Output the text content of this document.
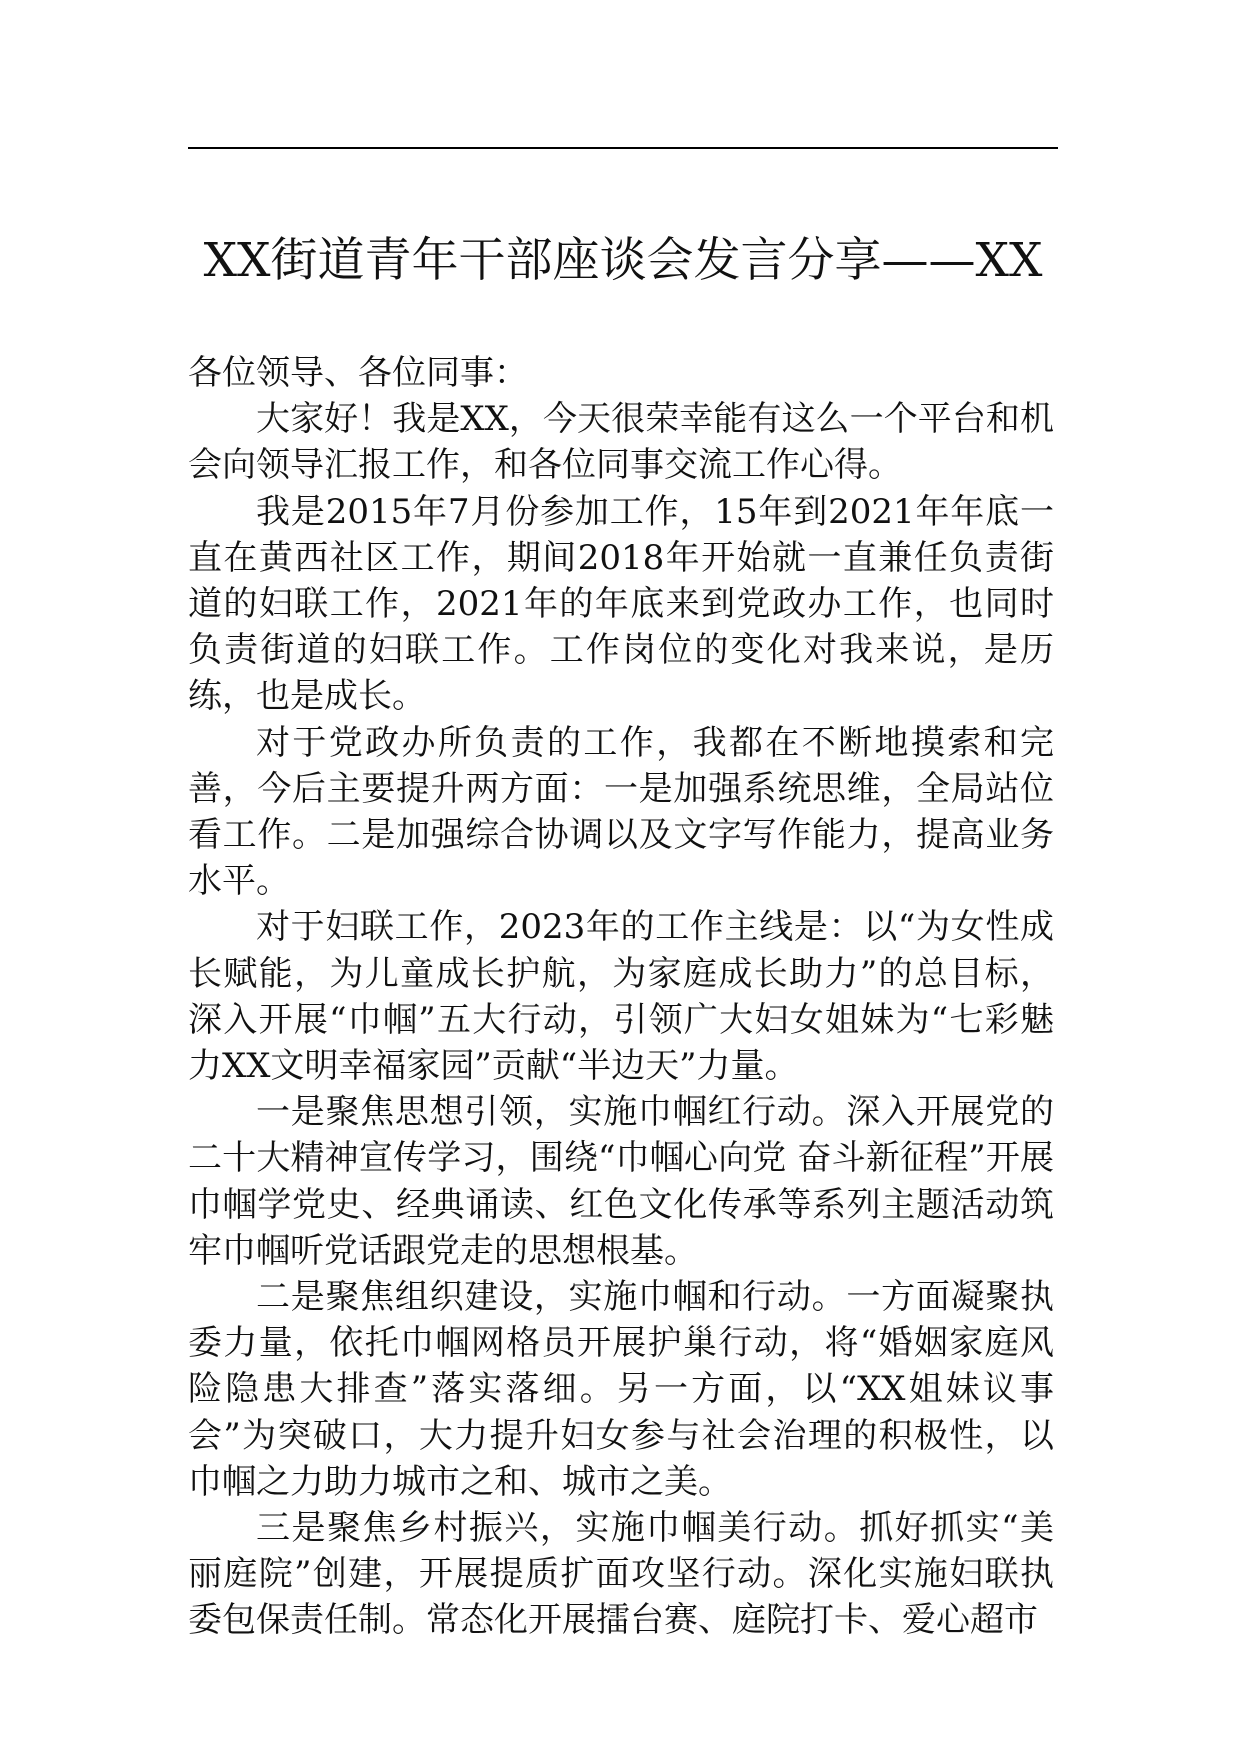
XX街道青年干部座谈会发言分享——XX

各位领导、各位同事：

大家好！我是XX，今天很荣幸能有这么一个平台和机会向领导汇报工作，和各位同事交流工作心得。

我是2015年7月份参加工作，15年到2021年年底一直在黄西社区工作，期间2018年开始就一直兼任负责街道的妇联工作，2021年的年底来到党政办工作，也同时负责街道的妇联工作。工作岗位的变化对我来说，是历练，也是成长。

对于党政办所负责的工作，我都在不断地摸索和完善，今后主要提升两方面：一是加强系统思维，全局站位看工作。二是加强综合协调以及文字写作能力，提高业务水平。

对于妇联工作，2023年的工作主线是：以“为女性成长赋能，为儿童成长护航，为家庭成长助力”的总目标，深入开展“巾帼”五大行动，引领广大妇女姐妹为“七彩魅力XX文明幸福家园”贡献“半边天”力量。

一是聚焦思想引领，实施巾帼红行动。深入开展党的二十大精神宣传学习，围绕“巾帼心向党 奋斗新征程”开展巾帼学党史、经典诵读、红色文化传承等系列主题活动筑牢巾帼听党话跟党走的思想根基。

二是聚焦组织建设，实施巾帼和行动。一方面凝聚执委力量，依托巾帼网格员开展护巢行动，将“婚姻家庭风险隐患大排查”落实落细。另一方面，以“XX姐妹议事会”为突破口，大力提升妇女参与社会治理的积极性，以巾帼之力助力城市之和、城市之美。

三是聚焦乡村振兴，实施巾帼美行动。抓好抓实“美丽庭院”创建，开展提质扩面攻坚行动。深化实施妇联执委包保责任制。常态化开展擂台赛、庭院打卡、爱心超市
